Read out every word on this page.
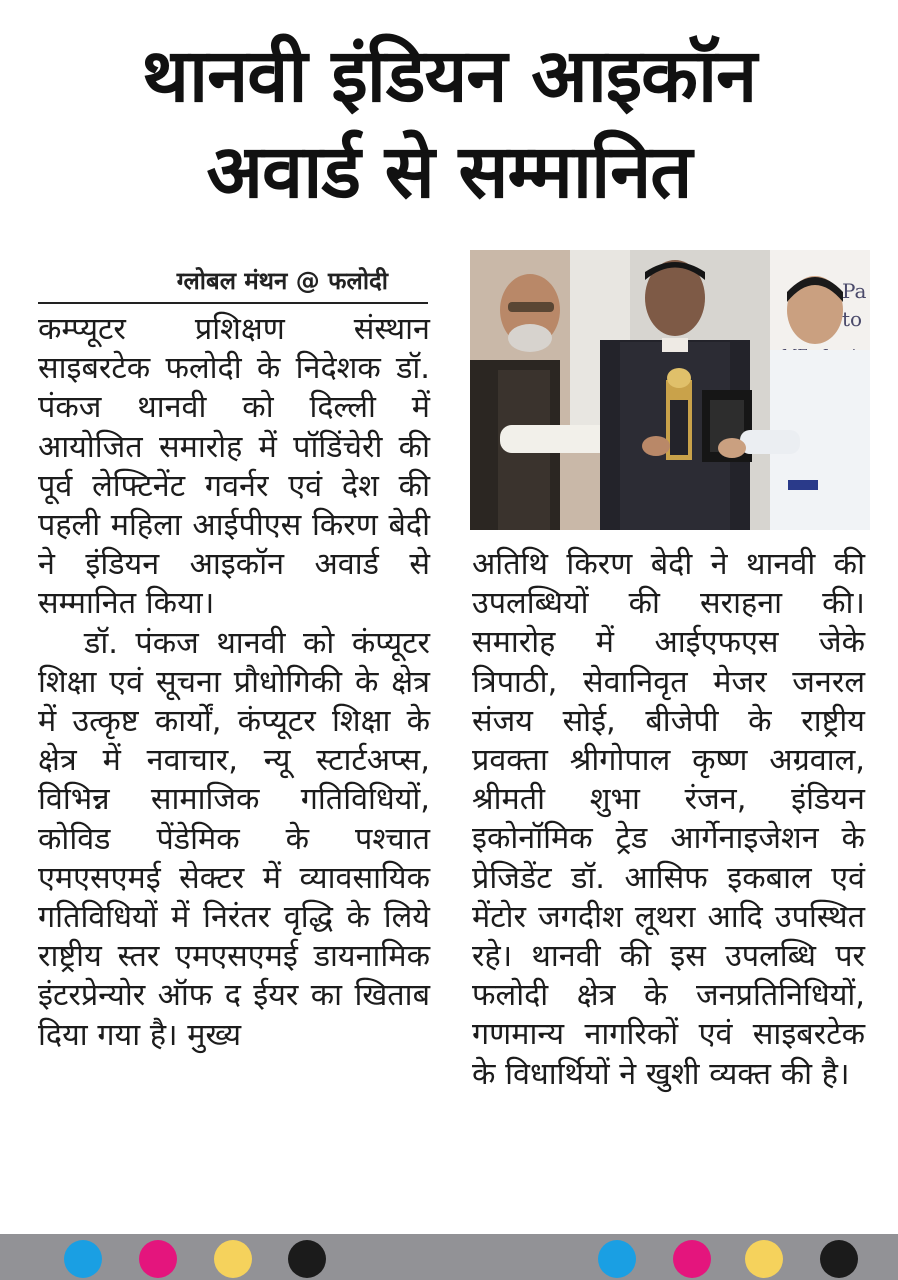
थानवी इंडियन आइकॉन
अवार्ड से सम्मानित
ग्लोबल मंथन @ फलोदी

कम्प्यूटर प्रशिक्षण संस्थान साइबरटेक फलोदी के निदेशक डॉ. पंकज थानवी को दिल्ली में आयोजित समारोह में पॉडिंचेरी की पूर्व लेफ्टिनेंट गवर्नर एवं देश की पहली महिला आईपीएस किरण बेदी ने इंडियन आइकॉन अवार्ड से सम्मानित किया।

डॉ. पंकज थानवी को कंप्यूटर शिक्षा एवं सूचना प्रौधोगिकी के क्षेत्र में उत्कृष्ट कार्यों, कंप्यूटर शिक्षा के क्षेत्र में नवाचार, न्यू स्टार्टअप्स, विभिन्न सामाजिक गतिविधियों, कोविड पेंडेमिक के पश्चात एमएसएमई सेक्टर में व्यावसायिक गतिविधियों में निरंतर वृद्धि के लिये राष्ट्रीय स्तर एमएसएमई डायनामिक इंटरप्रेन्योर ऑफ द ईयर का खिताब दिया गया है। मुख्य

Pa
to

अतिथि किरण बेदी ने थानवी की उपलब्धियों की सराहना की। समारोह में आईएफएस जेके त्रिपाठी, सेवानिवृत मेजर जनरल संजय सोई, बीजेपी के राष्ट्रीय प्रवक्ता श्रीगोपाल कृष्ण अग्रवाल, श्रीमती शुभा रंजन, इंडियन इकोनॉमिक ट्रेड आर्गेनाइजेशन के प्रेजिडेंट डॉ. आसिफ इकबाल एवं मेंटोर जगदीश लूथरा आदि उपस्थित रहे। थानवी की इस उपलब्धि पर फलोदी क्षेत्र के जनप्रतिनिधियों, गणमान्य नागरिकों एवं साइबरटेक के विधार्थियों ने खुशी व्यक्त की है।
